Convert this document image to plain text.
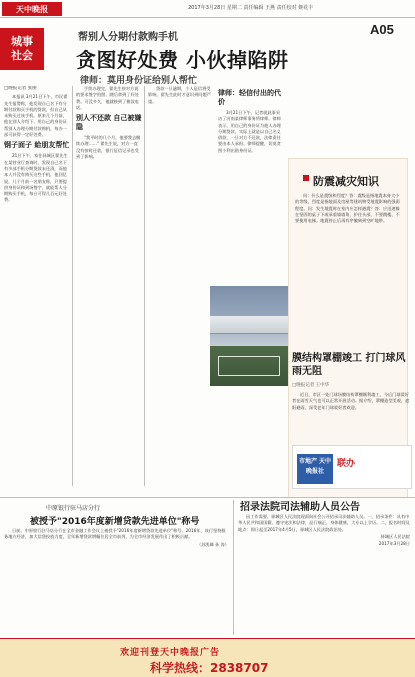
天中晚报	2017年3月28日 星期二 责任编辑 王燕 责任校对 姬花丰
A05
城事
社会
帮别人分期付款购手机
贪图好处费 小伙掉陷阱
律师：莫用身份证给别人帮忙
□晚报记者 张丽

本报讯 3月21日下午，市民翟先生报警称，他发现自己名下有分期付款购买手机的贷款，但自己从未购买过该手机。原来几个月前，他在别人介绍下，用自己的身份证帮别人办理分期付款购机，每办一部可获得一定好处费。

钢子面子 給朋友帮忙

21日下午，家住驿城区翟先生在某营业厅查询时，发现自己名下有多部手机分期贷款未还清，而他本人并没有购买这些手机。他回忆说，几个月前一名朋友称，只要提供身份证和到场签字，就能帮人分期购买手机，每台可得几百元好处费。

手续办理完，翟先生按对方说的要求签字拍照，随后拿到了好处费。可没多久，他就接到了催款电话。

别人不还款 自己被嫌隐

"我平时的几个月，他要我去继续办理……" 翟先生说，对方一直没有按时还款，银行征信记录也受到了影响。

贷款一旦逾期，个人征信将受影响，翟先生此时才意识到问题严重。

律师：轻信付出的代价

3月21日下午，记者就此事采访了河南某律师事务所律师。律师表示，用自己的身份证为他人办理分期贷款，实际上就是以自己名义借款，一旦对方不还款，法律责任要由本人承担。律师提醒，切莫贪图小利出借身份证。

防震减灾知识

问：什么是震级和烈度？答：震级是指地震本身大小的等级，烈度是指地面及房屋等建筑物受地震影响的强弱程度。问：发生地震时在室内应怎样避震？答：应迅速躲在坚固的桌子下或承重墙墙角，护住头部，不要跳楼，不要使用电梯。地震停止后再有序撤离到空旷地带。

膜结构罩棚竣工 打门球风雨无阻
□晚报记者 王中华

近日，市区一处门球场膜结构罩棚顺利竣工，今后门球爱好者在雨雪天气也可以正常开展活动。据介绍，罩棚造型美观，遮阳避雨，深受老年门球爱好者欢迎。

市地产 天中晚报社
联办
中原银行驻马店分行
被授予"2016年度新增贷款先进单位"称号

日前，中原银行驻马店分行在全市金融工作会议上被授予"2016年度新增贷款先进单位"称号。2016年，该行坚持服务地方经济，加大信贷投放力度，全年新增贷款增幅位居全市前列，为全市经济发展作出了积极贡献。

（苏凯峰 孙 涛）

招录法院司法辅助人员公告

因工作需要，驿城区人民法院现面向社会公开招录司法辅助人员。一、招录条件：具有中华人民共和国国籍，遵守宪法和法律，品行端正，身体健康，大专以上学历。二、报名时间及地点：即日起至2017年4月5日，驿城区人民法院政治处。

驿城区人民法院

2017年3月28日

欢迎刊登天中晚报广告
科学热线：2838707
